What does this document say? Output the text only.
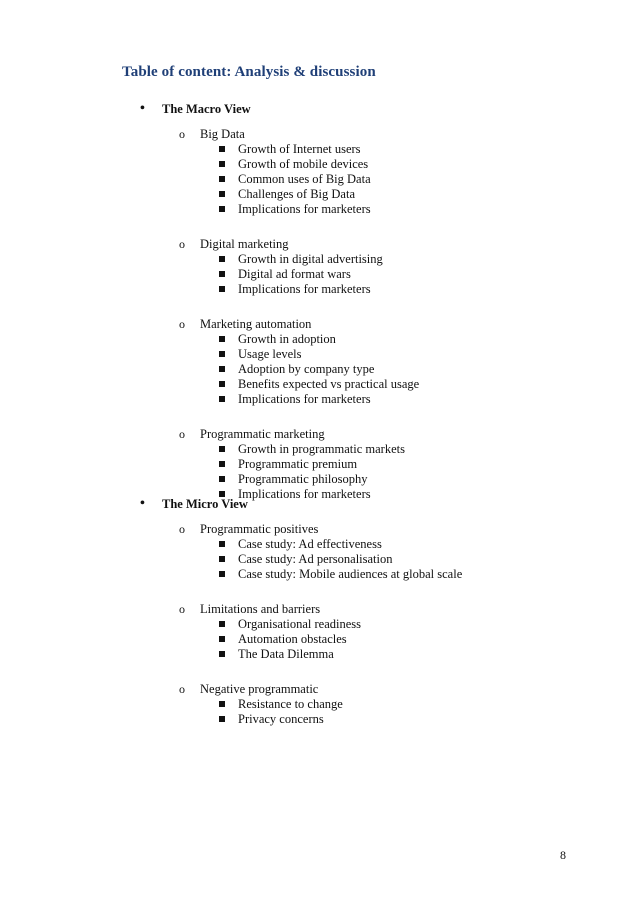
Table of content: Analysis & discussion
• The Macro View
o Big Data
Growth of Internet users
Growth of mobile devices
Common uses of Big Data
Challenges of Big Data
Implications for marketers
o Digital marketing
Growth in digital advertising
Digital ad format wars
Implications for marketers
o Marketing automation
Growth in adoption
Usage levels
Adoption by company type
Benefits expected vs practical usage
Implications for marketers
o Programmatic marketing
Growth in programmatic markets
Programmatic premium
Programmatic philosophy
Implications for marketers
• The Micro View
o Programmatic positives
Case study: Ad effectiveness
Case study: Ad personalisation
Case study: Mobile audiences at global scale
o Limitations and barriers
Organisational readiness
Automation obstacles
The Data Dilemma
o Negative programmatic
Resistance to change
Privacy concerns
8
